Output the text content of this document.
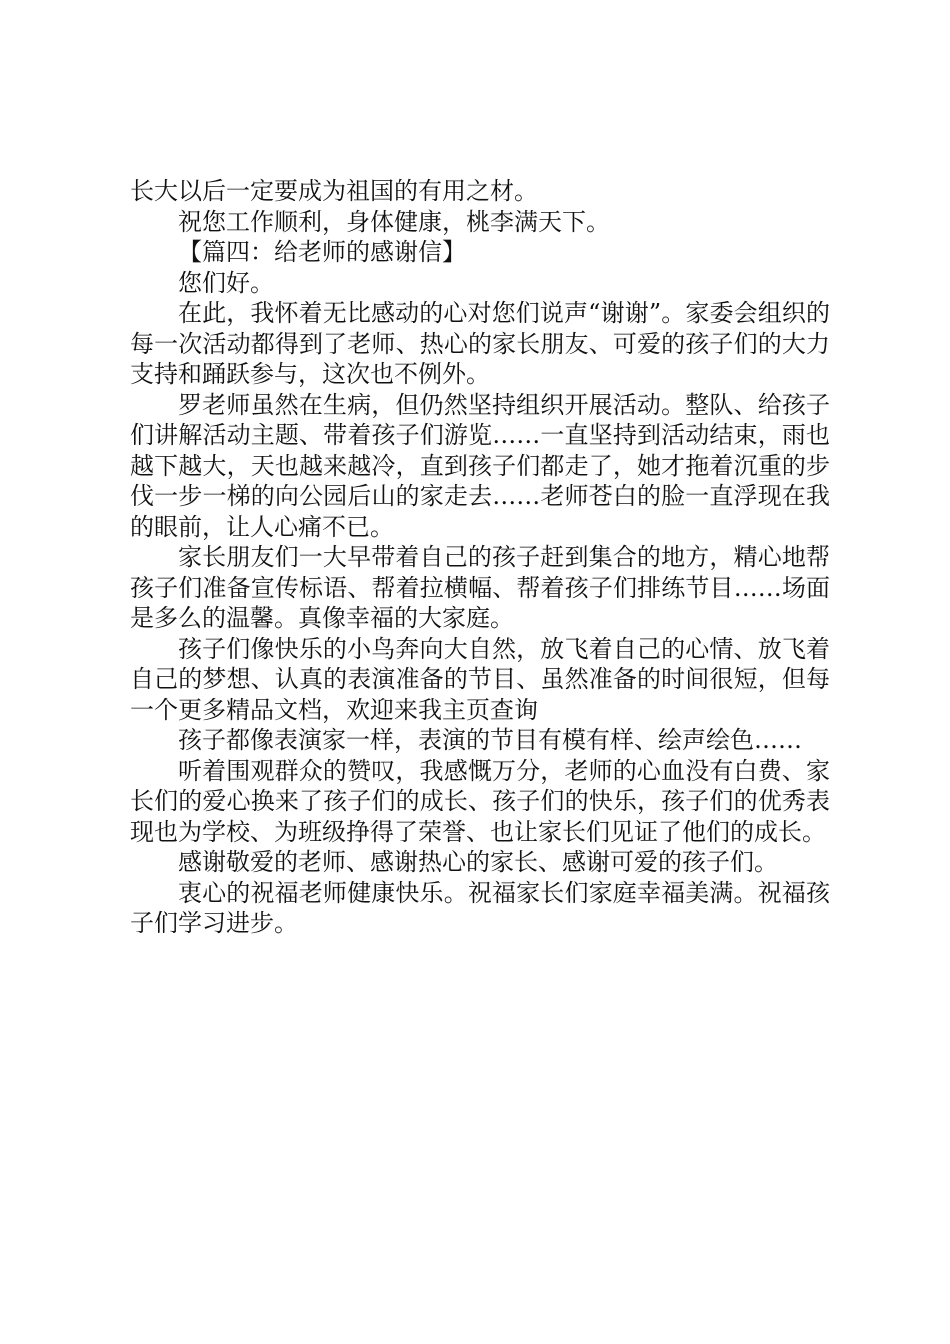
长大以后一定要成为祖国的有用之材。

祝您工作顺利，身体健康，桃李满天下。

【篇四：给老师的感谢信】

您们好。

在此，我怀着无比感动的心对您们说声“谢谢”。家委会组织的每一次活动都得到了老师、热心的家长朋友、可爱的孩子们的大力支持和踊跃参与，这次也不例外。

罗老师虽然在生病，但仍然坚持组织开展活动。整队、给孩子们讲解活动主题、带着孩子们游览……一直坚持到活动结束，雨也越下越大，天也越来越冷，直到孩子们都走了，她才拖着沉重的步伐一步一梯的向公园后山的家走去……老师苍白的脸一直浮现在我的眼前，让人心痛不已。

家长朋友们一大早带着自己的孩子赶到集合的地方，精心地帮孩子们准备宣传标语、帮着拉横幅、帮着孩子们排练节目……场面是多么的温馨。真像幸福的大家庭。

孩子们像快乐的小鸟奔向大自然，放飞着自己的心情、放飞着自己的梦想、认真的表演准备的节目、虽然准备的时间很短，但每一个更多精品文档，欢迎来我主页查询

孩子都像表演家一样，表演的节目有模有样、绘声绘色……

听着围观群众的赞叹，我感慨万分，老师的心血没有白费、家长们的爱心换来了孩子们的成长、孩子们的快乐，孩子们的优秀表现也为学校、为班级挣得了荣誉、也让家长们见证了他们的成长。

感谢敬爱的老师、感谢热心的家长、感谢可爱的孩子们。

衷心的祝福老师健康快乐。祝福家长们家庭幸福美满。祝福孩子们学习进步。
